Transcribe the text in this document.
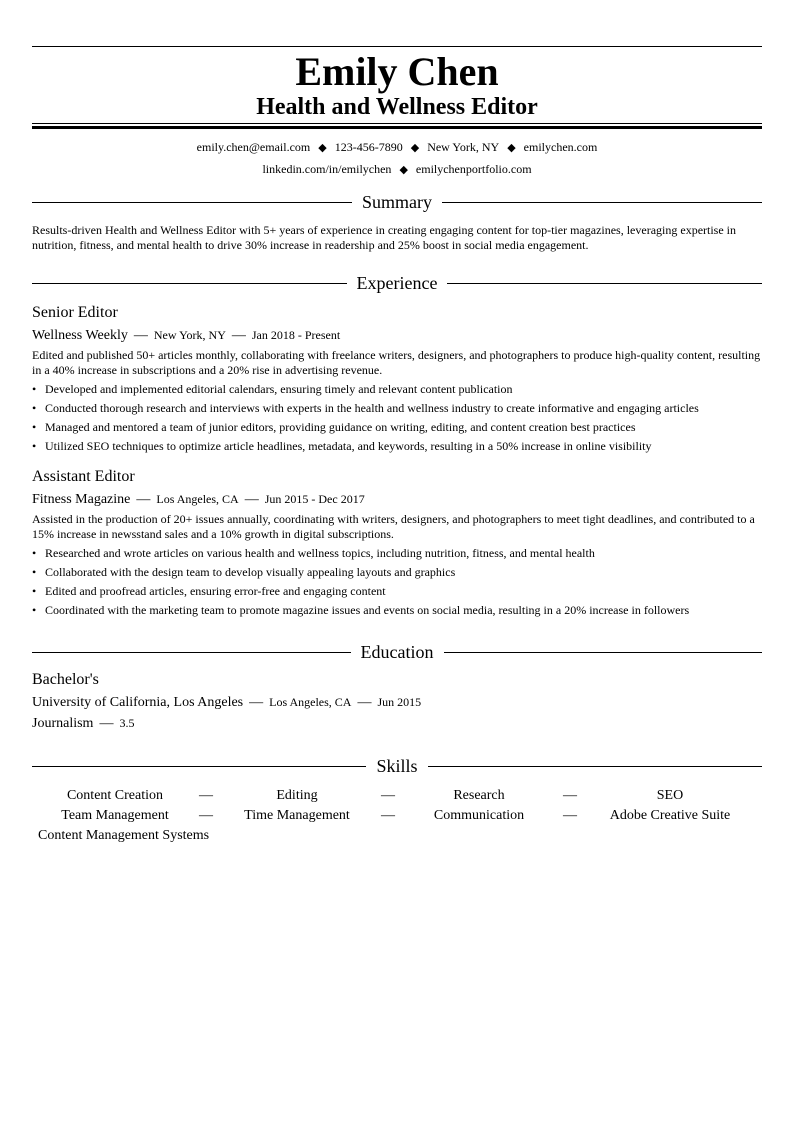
Emily Chen
Health and Wellness Editor
emily.chen@email.com ◆ 123-456-7890 ◆ New York, NY ◆ emilychen.com
linkedin.com/in/emilychen ◆ emilychenportfolio.com
Summary
Results-driven Health and Wellness Editor with 5+ years of experience in creating engaging content for top-tier magazines, leveraging expertise in nutrition, fitness, and mental health to drive 30% increase in readership and 25% boost in social media engagement.
Experience
Senior Editor
Wellness Weekly — New York, NY — Jan 2018 - Present
Edited and published 50+ articles monthly, collaborating with freelance writers, designers, and photographers to produce high-quality content, resulting in a 40% increase in subscriptions and a 20% rise in advertising revenue.
• Developed and implemented editorial calendars, ensuring timely and relevant content publication
• Conducted thorough research and interviews with experts in the health and wellness industry to create informative and engaging articles
• Managed and mentored a team of junior editors, providing guidance on writing, editing, and content creation best practices
• Utilized SEO techniques to optimize article headlines, metadata, and keywords, resulting in a 50% increase in online visibility
Assistant Editor
Fitness Magazine — Los Angeles, CA — Jun 2015 - Dec 2017
Assisted in the production of 20+ issues annually, coordinating with writers, designers, and photographers to meet tight deadlines, and contributed to a 15% increase in newsstand sales and a 10% growth in digital subscriptions.
• Researched and wrote articles on various health and wellness topics, including nutrition, fitness, and mental health
• Collaborated with the design team to develop visually appealing layouts and graphics
• Edited and proofread articles, ensuring error-free and engaging content
• Coordinated with the marketing team to promote magazine issues and events on social media, resulting in a 20% increase in followers
Education
Bachelor's
University of California, Los Angeles — Los Angeles, CA — Jun 2015
Journalism — 3.5
Skills
Content Creation	—	Editing	—	Research	—	SEO
Team Management	—	Time Management	—	Communication	—	Adobe Creative Suite
Content Management Systems
